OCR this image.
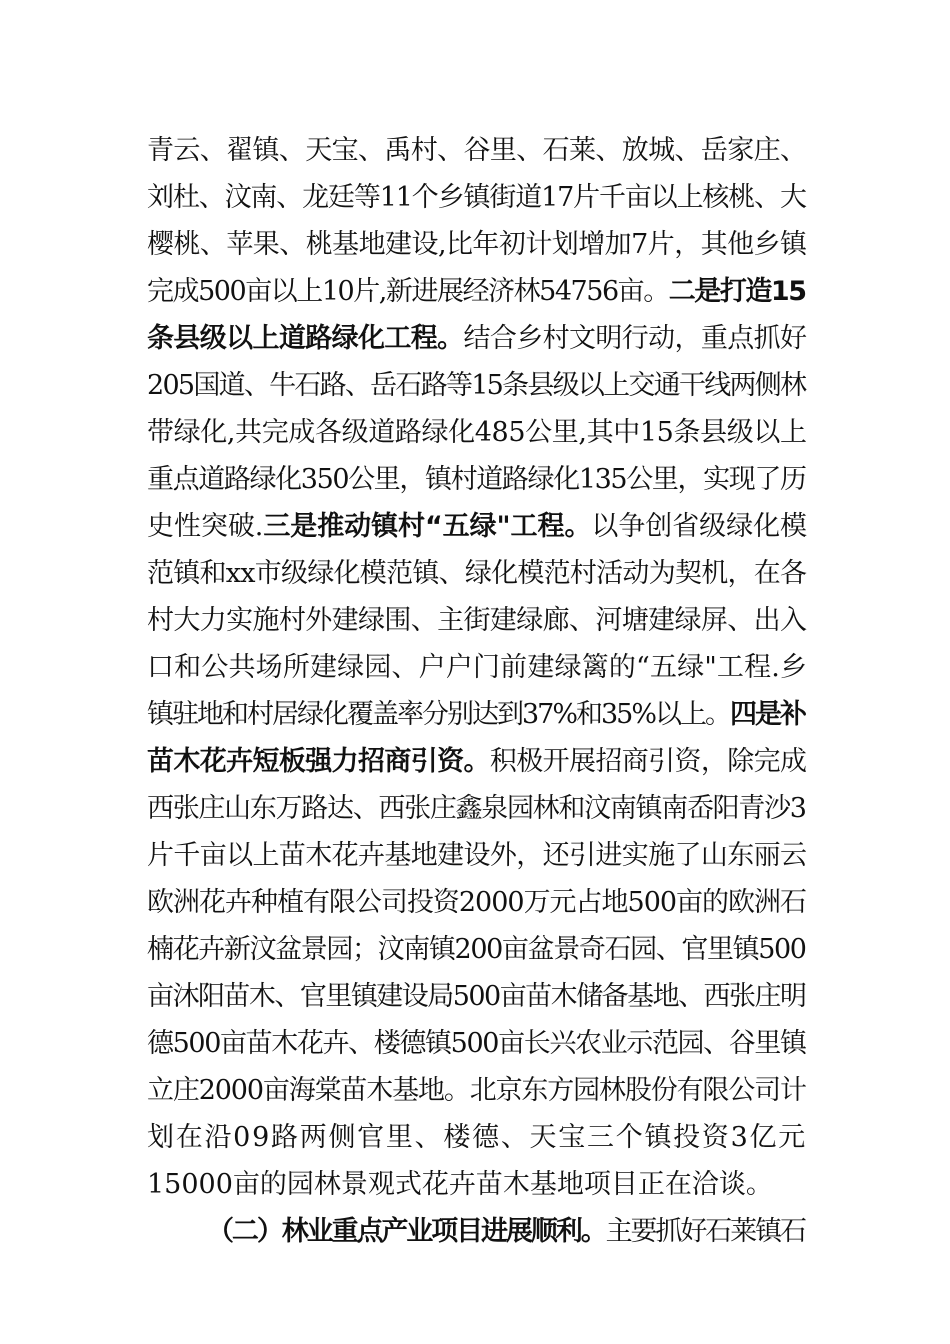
青云、翟镇、天宝、禹村、谷里、石莱、放城、岳家庄、
刘杜、汶南、龙廷等11个乡镇街道17片千亩以上核桃、大
樱桃、苹果、桃基地建设,比年初计划增加7片，其他乡镇
完成500亩以上10片,新进展经济林54756亩。二是打造15
条县级以上道路绿化工程。结合乡村文明行动，重点抓好
205国道、牛石路、岳石路等15条县级以上交通干线两侧林
带绿化,共完成各级道路绿化485公里,其中15条县级以上
重点道路绿化350公里，镇村道路绿化135公里，实现了历
史性突破.三是推动镇村“五绿"工程。以争创省级绿化模
范镇和xx市级绿化模范镇、绿化模范村活动为契机，在各
村大力实施村外建绿围、主街建绿廊、河塘建绿屏、出入
口和公共场所建绿园、户户门前建绿篱的“五绿"工程.乡
镇驻地和村居绿化覆盖率分别达到37%和35%以上。四是补
苗木花卉短板强力招商引资。积极开展招商引资，除完成
西张庄山东万路达、西张庄鑫泉园林和汶南镇南岙阳青沙3
片千亩以上苗木花卉基地建设外，还引进实施了山东丽云
欧洲花卉种植有限公司投资2000万元占地500亩的欧洲石
楠花卉新汶盆景园；汶南镇200亩盆景奇石园、官里镇500
亩沐阳苗木、官里镇建设局500亩苗木储备基地、西张庄明
德500亩苗木花卉、楼德镇500亩长兴农业示范园、谷里镇
立庄2000亩海棠苗木基地。北京东方园林股份有限公司计
划在沿09路两侧官里、楼德、天宝三个镇投资3亿元
15000亩的园林景观式花卉苗木基地项目正在洽谈。
（二）林业重点产业项目进展顺利。主要抓好石莱镇石
